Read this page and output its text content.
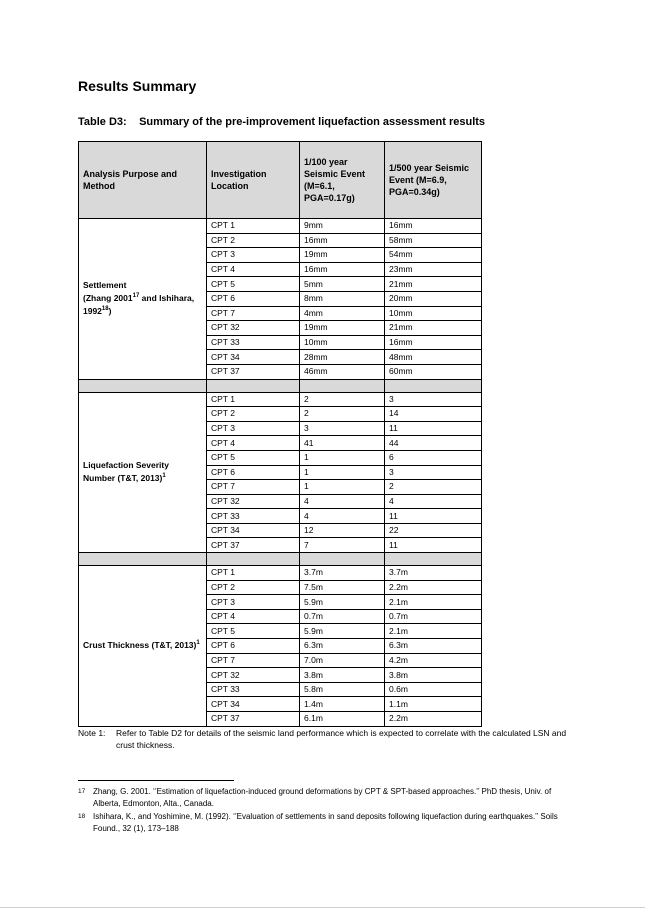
Results Summary
Table D3: Summary of the pre-improvement liquefaction assessment results
Analysis Purpose and Method	Investigation Location	1/100 year Seismic Event (M=6.1, PGA=0.17g)	1/500 year Seismic Event (M=6.9, PGA=0.34g)
Settlement
(Zhang 2001$^{17}$ and Ishihara, 1992$^{18}$)	CPT 1	9mm	16mm
	CPT 2	16mm	58mm
	CPT 3	19mm	54mm
	CPT 4	16mm	23mm
	CPT 5	5mm	21mm
	CPT 6	8mm	20mm
	CPT 7	4mm	10mm
	CPT 32	19mm	21mm
	CPT 33	10mm	16mm
	CPT 34	28mm	48mm
	CPT 37	46mm	60mm

Liquefaction Severity Number (T&T, 2013)$^1$	CPT 1	2	3
	CPT 2	2	14
	CPT 3	3	11
	CPT 4	41	44
	CPT 5	1	6
	CPT 6	1	3
	CPT 7	1	2
	CPT 32	4	4
	CPT 33	4	11
	CPT 34	12	22
	CPT 37	7	11

Crust Thickness (T&T, 2013)$^1$	CPT 1	3.7m	3.7m
	CPT 2	7.5m	2.2m
	CPT 3	5.9m	2.1m
	CPT 4	0.7m	0.7m
	CPT 5	5.9m	2.1m
	CPT 6	6.3m	6.3m
	CPT 7	7.0m	4.2m
	CPT 32	3.8m	3.8m
	CPT 33	5.8m	0.6m
	CPT 34	1.4m	1.1m
	CPT 37	6.1m	2.2m
Note 1: Refer to Table D2 for details of the seismic land performance which is expected to correlate with the calculated LSN and crust thickness.
17 Zhang, G. 2001. ‘’Estimation of liquefaction-induced ground deformations by CPT & SPT-based approaches.’’ PhD thesis, Univ. of Alberta, Edmonton, Alta., Canada.
18 Ishihara, K., and Yoshimine, M. (1992). ‘’Evaluation of settlements in sand deposits following liquefaction during earthquakes.’’ Soils Found., 32 (1), 173–188
